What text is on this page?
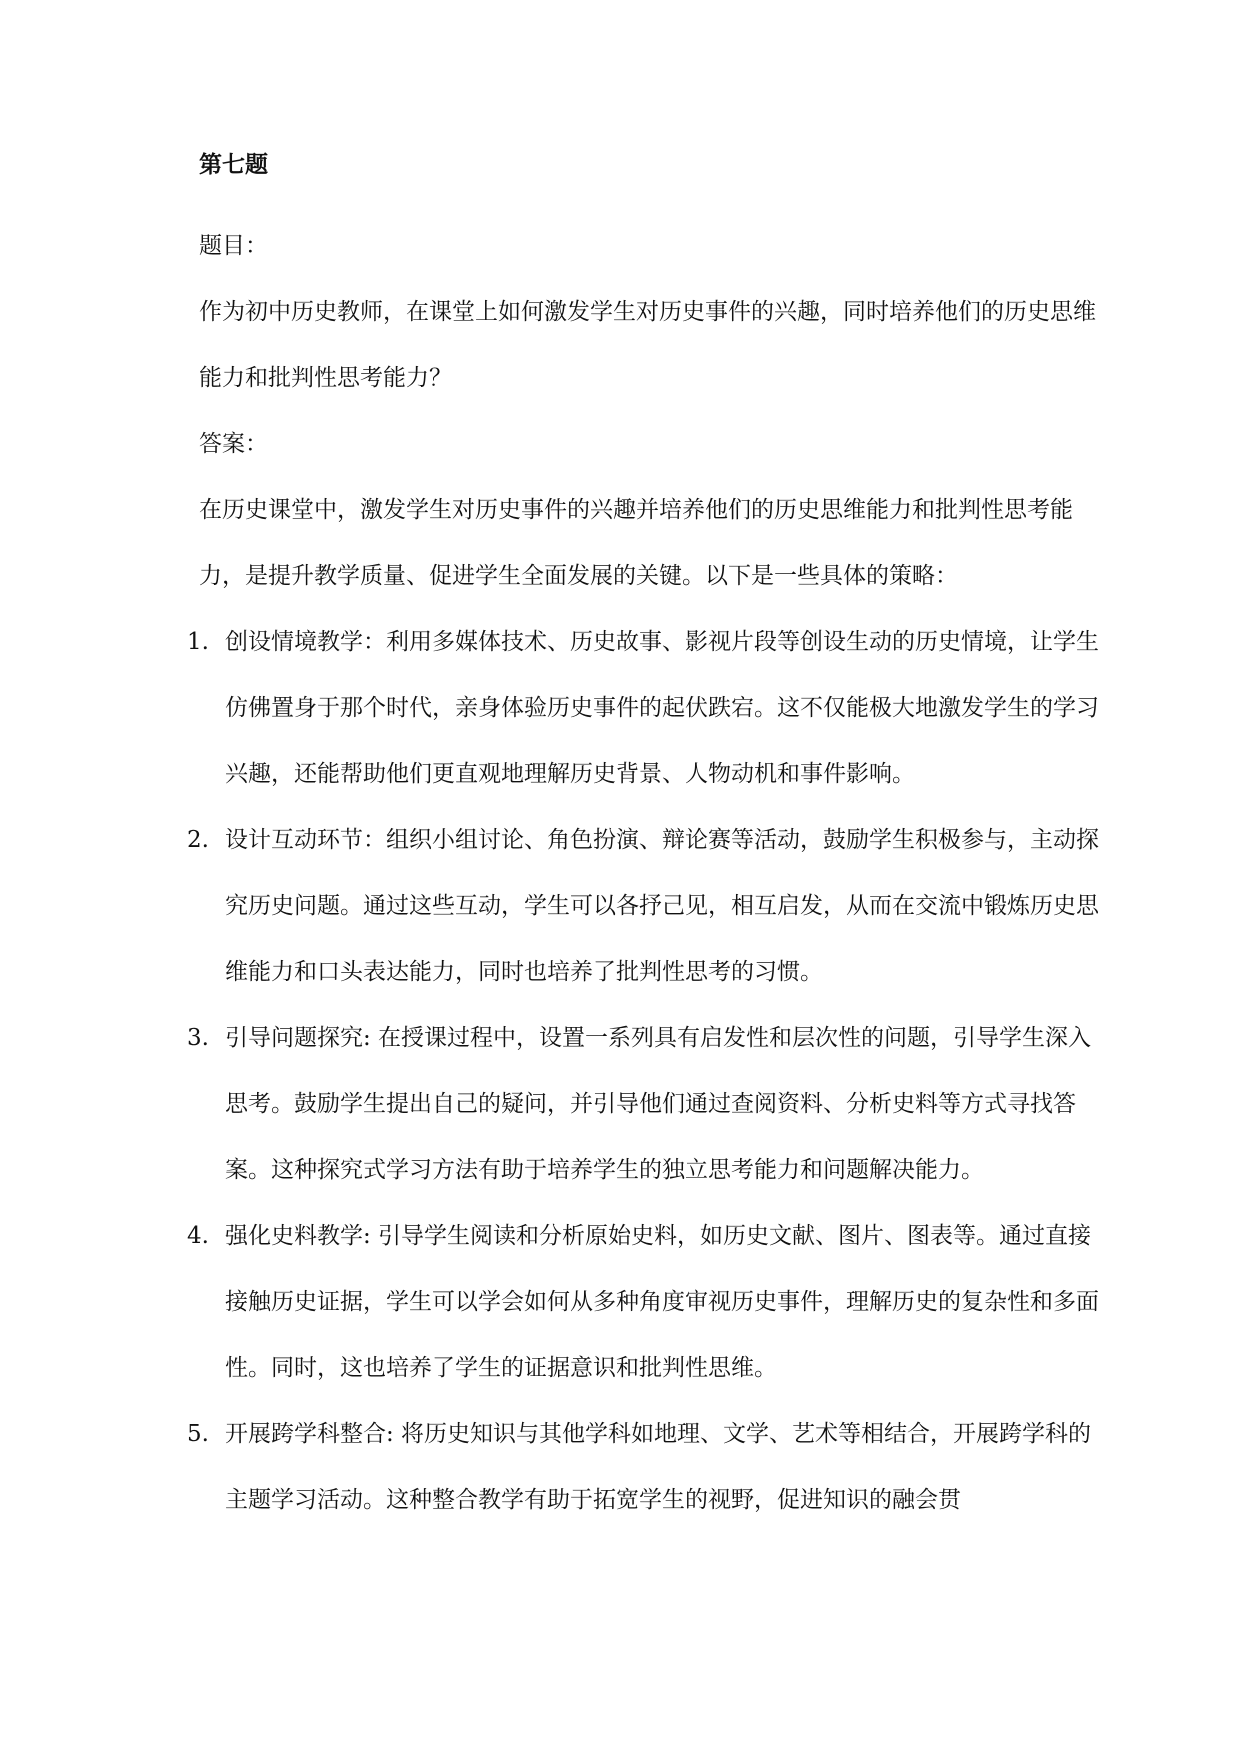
第七题
题目：

作为初中历史教师，在课堂上如何激发学生对历史事件的兴趣，同时培养他们的历史思维能力和批判性思考能力？

答案：

在历史课堂中，激发学生对历史事件的兴趣并培养他们的历史思维能力和批判性思考能力，是提升教学质量、促进学生全面发展的关键。以下是一些具体的策略：

1. 创设情境教学：利用多媒体技术、历史故事、影视片段等创设生动的历史情境，让学生仿佛置身于那个时代，亲身体验历史事件的起伏跌宕。这不仅能极大地激发学生的学习兴趣，还能帮助他们更直观地理解历史背景、人物动机和事件影响。
2. 设计互动环节：组织小组讨论、角色扮演、辩论赛等活动，鼓励学生积极参与，主动探究历史问题。通过这些互动，学生可以各抒己见，相互启发，从而在交流中锻炼历史思维能力和口头表达能力，同时也培养了批判性思考的习惯。
3. 引导问题探究: 在授课过程中，设置一系列具有启发性和层次性的问题，引导学生深入思考。鼓励学生提出自己的疑问，并引导他们通过查阅资料、分析史料等方式寻找答案。这种探究式学习方法有助于培养学生的独立思考能力和问题解决能力。
4. 强化史料教学: 引导学生阅读和分析原始史料，如历史文献、图片、图表等。通过直接接触历史证据，学生可以学会如何从多种角度审视历史事件，理解历史的复杂性和多面性。同时，这也培养了学生的证据意识和批判性思维。
5. 开展跨学科整合: 将历史知识与其他学科如地理、文学、艺术等相结合，开展跨学科的主题学习活动。这种整合教学有助于拓宽学生的视野，促进知识的融会贯
